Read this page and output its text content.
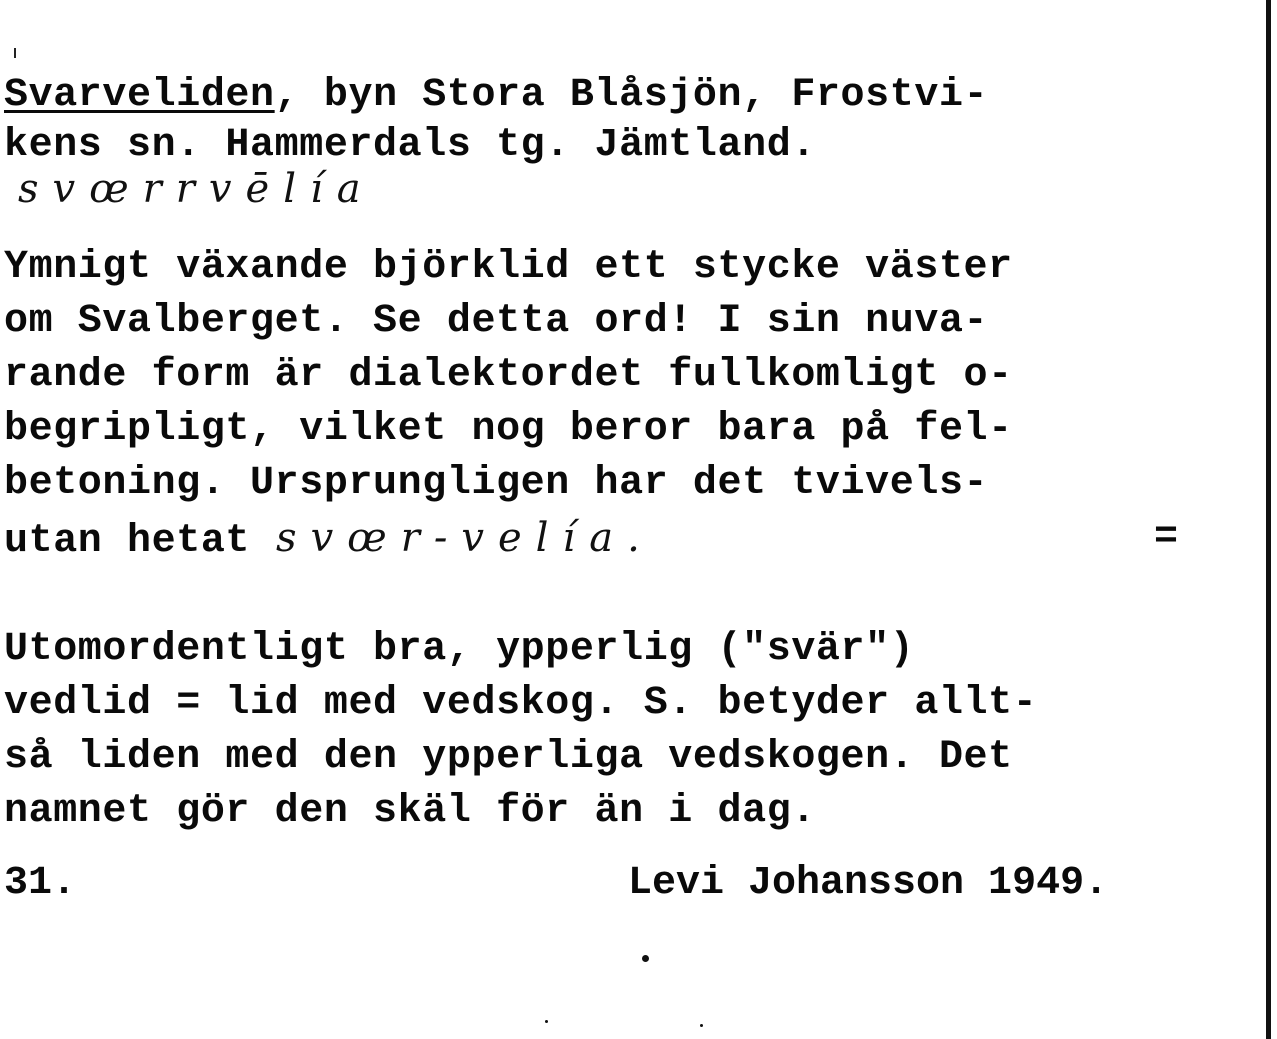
Svarveliden, byn Stora Blåsjön, Frostvi-
kens sn. Hammerdals tg. Jämtland.
svœrrvēlía
Ymnigt växande björklid ett stycke väster
om Svalberget. Se detta ord! I sin nuva-
rande form är dialektordet fullkomligt o-
begripligt, vilket nog beror bara på fel-
betoning. Ursprungligen har det tvivels-
utan hetat svœr-velía.	=
Utomordentligt bra, ypperlig ("svär")
vedlid = lid med vedskog. S. betyder allt-
så liden med den ypperliga vedskogen. Det
namnet gör den skäl för än i dag.
31.	Levi Johansson 1949.
